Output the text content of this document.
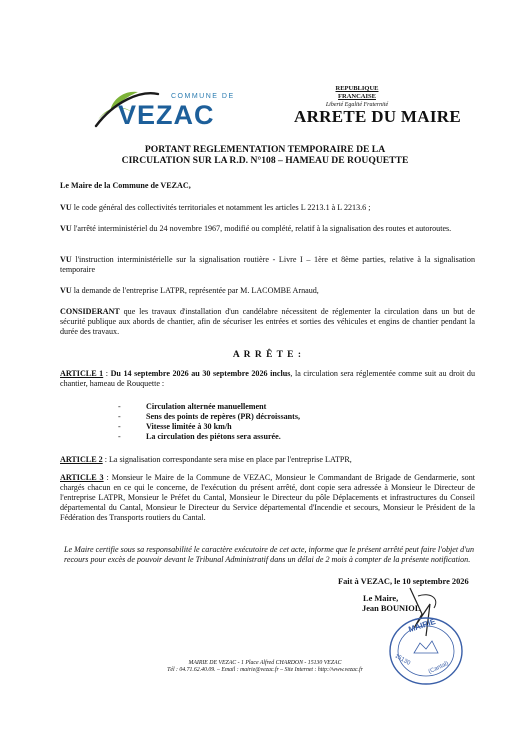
COMMUNE DE
VEZAC
REPUBLIQUE FRANCAISE
Liberté Egalité Fraternité
ARRETE DU MAIRE
PORTANT REGLEMENTATION TEMPORAIRE DE LA
CIRCULATION SUR LA R.D. N°108 – HAMEAU DE ROUQUETTE
Le Maire de la Commune de VEZAC,
VU le code général des collectivités territoriales et notamment les articles L 2213.1 à L 2213.6 ;
VU l'arrêté interministériel du 24 novembre 1967, modifié ou complété, relatif à la signalisation des routes et autoroutes.
VU l'instruction interministérielle sur la signalisation routière - Livre I – 1ère et 8ème parties, relative à la signalisation temporaire
VU la demande de l'entreprise LATPR, représentée par M. LACOMBE Arnaud,
CONSIDERANT que les travaux d'installation d'un candélabre nécessitent de réglementer la circulation dans un but de sécurité publique aux abords de chantier, afin de sécuriser les entrées et sorties des véhicules et engins de chantier pendant la durée des travaux.
A R R Ê T E :
ARTICLE 1 : Du 14 septembre 2026 au 30 septembre 2026 inclus, la circulation sera réglementée comme suit au droit du chantier, hameau de Rouquette :
- Circulation alternée manuellement
- Sens des points de repères (PR) décroissants,
- Vitesse limitée à 30 km/h
- La circulation des piétons sera assurée.
ARTICLE 2 : La signalisation correspondante sera mise en place par l'entreprise LATPR,
ARTICLE 3 : Monsieur le Maire de la Commune de VEZAC, Monsieur le Commandant de Brigade de Gendarmerie, sont chargés chacun en ce qui le concerne, de l'exécution du présent arrêté, dont copie sera adressée à Monsieur le Directeur de l'entreprise LATPR, Monsieur le Préfet du Cantal, Monsieur le Directeur du pôle Déplacements et infrastructures du Conseil départemental du Cantal, Monsieur le Directeur du Service départemental d'Incendie et secours, Monsieur le Président de la Fédération des Transports routiers du Cantal.
Le Maire certifie sous sa responsabilité le caractère exécutoire de cet acte, informe que le présent arrêté peut faire l'objet d'un recours pour excès de pouvoir devant le Tribunal Administratif dans un délai de 2 mois à compter de la présente notification.
Fait à VEZAC, le 10 septembre 2026
Le Maire,
Jean BOUNIOL
MAIRIE
15130
(Cantal)
MAIRIE DE VEZAC - 1 Place Alfred CHARDON - 15130 VEZAC
Tél : 04.71.62.40.09. – Email : mairie@vezac.fr – Site Internet : http://www.vezac.fr
